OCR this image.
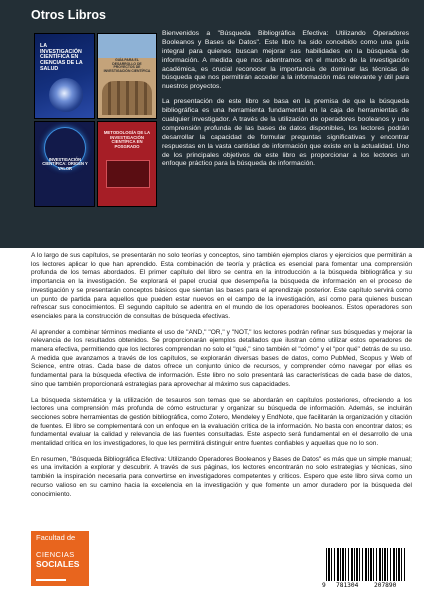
Otros Libros
LA INVESTIGACIÓN CIENTÍFICA EN CIENCIAS DE LA SALUD
GUÍA PARA EL DESARROLLO DE PROYECTOS DE INVESTIGACIÓN CIENTÍFICA
INVESTIGACIÓN CIENTÍFICA: ORIGEN Y VALOR
METODOLOGÍA DE LA INVESTIGACIÓN CIENTÍFICA EN POSGRADO

Bienvenidos a "Búsqueda Bibliográfica Efectiva: Utilizando Operadores Booleanos y Bases de Datos". Este libro ha sido concebido como una guía integral para quienes buscan mejorar sus habilidades en la búsqueda de información. A medida que nos adentramos en el mundo de la investigación académica, es crucial reconocer la importancia de dominar las técnicas de búsqueda que nos permitirán acceder a la información más relevante y útil para nuestros proyectos.

La presentación de este libro se basa en la premisa de que la búsqueda bibliográfica es una herramienta fundamental en la caja de herramientas de cualquier investigador. A través de la utilización de operadores booleanos y una comprensión profunda de las bases de datos disponibles, los lectores podrán desarrollar la capacidad de formular preguntas significativas y encontrar respuestas en la vasta cantidad de información que existe en la actualidad. Uno de los principales objetivos de este libro es proporcionar a los lectores un enfoque práctico para la búsqueda de información.

A lo largo de sus capítulos, se presentarán no solo teorías y conceptos, sino también ejemplos claros y ejercicios que permitirán a los lectores aplicar lo que han aprendido. Esta combinación de teoría y práctica es esencial para fomentar una comprensión profunda de los temas abordados. El primer capítulo del libro se centra en la introducción a la búsqueda bibliográfica y su importancia en la investigación. Se explorará el papel crucial que desempeña la búsqueda de información en el proceso de investigación y se presentarán conceptos básicos que sientan las bases para el aprendizaje posterior. Este capítulo servirá como un punto de partida para aquellos que pueden estar nuevos en el campo de la investigación, así como para quienes buscan refrescar sus conocimientos. El segundo capítulo se adentra en el mundo de los operadores booleanos. Estos operadores son esenciales para la construcción de consultas de búsqueda efectivas.

Al aprender a combinar términos mediante el uso de "AND," "OR," y "NOT," los lectores podrán refinar sus búsquedas y mejorar la relevancia de los resultados obtenidos. Se proporcionarán ejemplos detallados que ilustran cómo utilizar estos operadores de manera efectiva, permitiendo que los lectores comprendan no solo el "qué," sino también el "cómo" y el "por qué" detrás de su uso. A medida que avanzamos a través de los capítulos, se explorarán diversas bases de datos, como PubMed, Scopus y Web of Science, entre otras. Cada base de datos ofrece un conjunto único de recursos, y comprender cómo navegar por ellas es fundamental para la búsqueda efectiva de información. Este libro no solo presentará las características de cada base de datos, sino que también proporcionará estrategias para aprovechar al máximo sus capacidades.

La búsqueda sistemática y la utilización de tesauros son temas que se abordarán en capítulos posteriores, ofreciendo a los lectores una comprensión más profunda de cómo estructurar y organizar su búsqueda de información. Además, se incluirán secciones sobre herramientas de gestión bibliográfica, como Zotero, Mendeley y EndNote, que facilitarán la organización y citación de fuentes. El libro se complementará con un enfoque en la evaluación crítica de la información. No basta con encontrar datos; es fundamental evaluar la calidad y relevancia de las fuentes consultadas. Este aspecto será fundamental en el desarrollo de una mentalidad crítica en los investigadores, lo que les permitirá distinguir entre fuentes confiables y aquellas que no lo son.

En resumen, "Búsqueda Bibliográfica Efectiva: Utilizando Operadores Booleanos y Bases de Datos" es más que un simple manual; es una invitación a explorar y descubrir. A través de sus páginas, los lectores encontrarán no solo estrategias y técnicas, sino también la inspiración necesaria para convertirse en investigadores competentes y críticos. Espero que este libro sirva como un recurso valioso en su camino hacia la excelencia en la investigación y que fomente un amor duradero por la búsqueda del conocimiento.

Facultad de
CIENCIAS
SOCIALES
9 781304	207890
